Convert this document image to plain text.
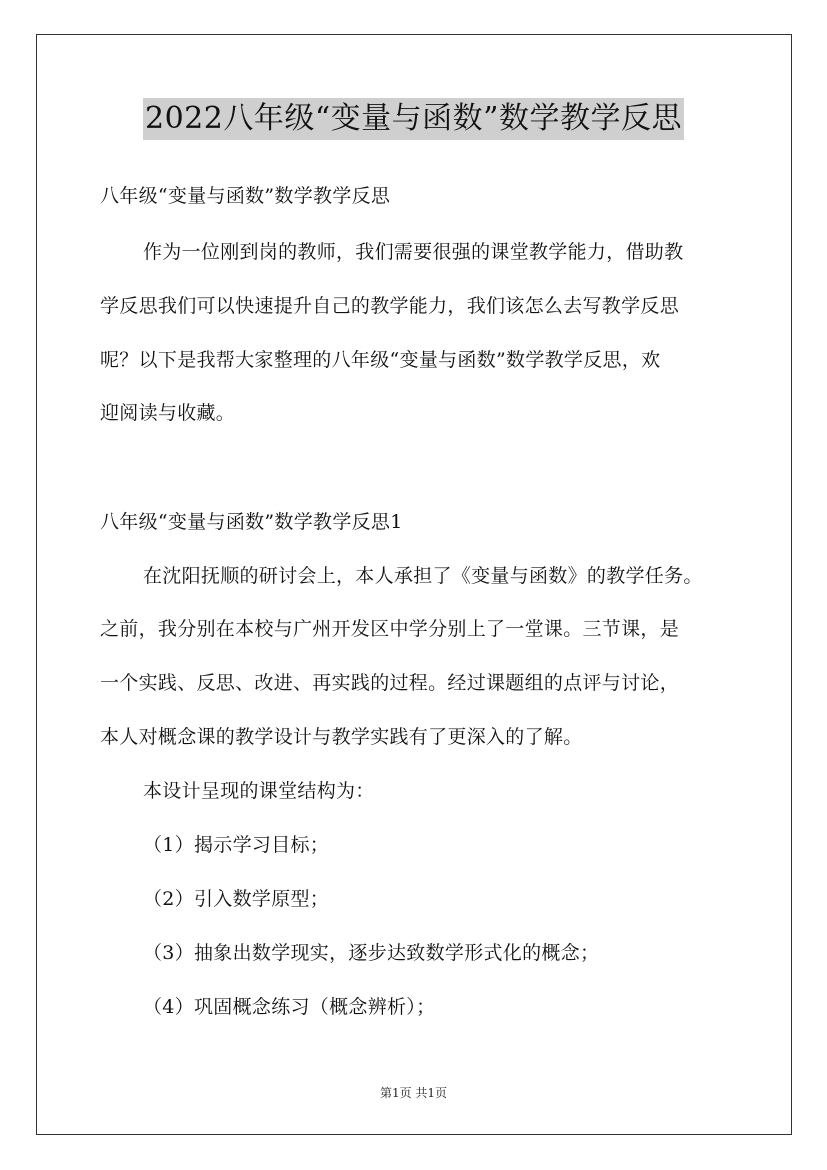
2022八年级“变量与函数”数学教学反思
八年级“变量与函数”数学教学反思
作为一位刚到岗的教师，我们需要很强的课堂教学能力，借助教
学反思我们可以快速提升自己的教学能力，我们该怎么去写教学反思
呢？以下是我帮大家整理的八年级“变量与函数”数学教学反思，欢
迎阅读与收藏。
八年级“变量与函数”数学教学反思1
在沈阳抚顺的研讨会上，本人承担了《变量与函数》的教学任务。
之前，我分别在本校与广州开发区中学分别上了一堂课。三节课，是
一个实践、反思、改进、再实践的过程。经过课题组的点评与讨论，
本人对概念课的教学设计与教学实践有了更深入的了解。
本设计呈现的课堂结构为：
（1）揭示学习目标；
（2）引入数学原型；
（3）抽象出数学现实，逐步达致数学形式化的概念；
（4）巩固概念练习（概念辨析）；
第1页 共1页
